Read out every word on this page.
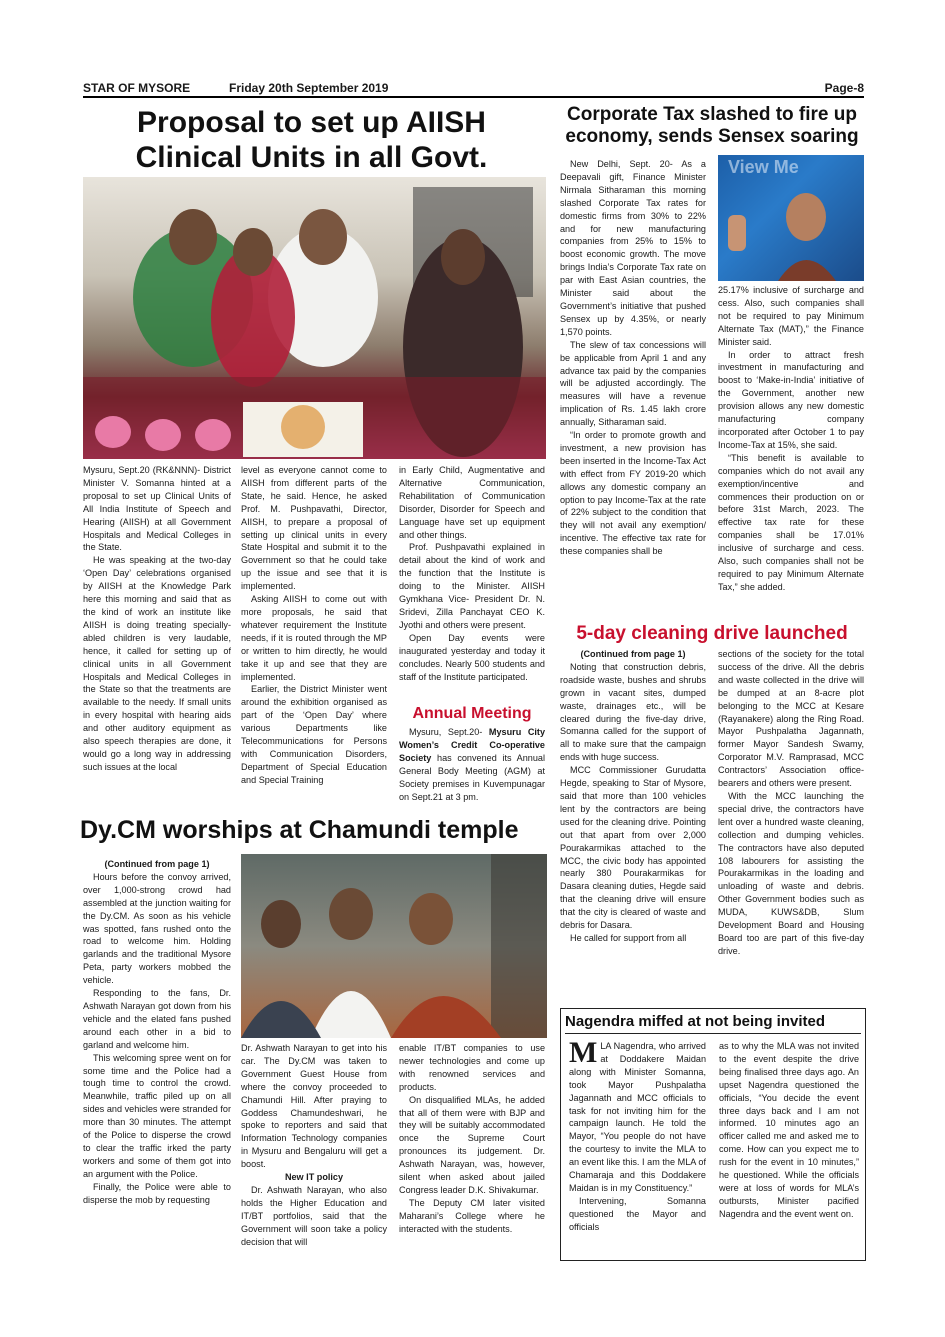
STAR OF MYSORE	Friday 20th September 2019	Page-8
Proposal to set up AIISH Clinical Units in all Govt.

Mysuru, Sept.20 (RK&NNN)- District Minister V. Somanna hinted at a proposal to set up Clinical Units of All India Institute of Speech and Hearing (AIISH) at all Government Hospitals and Medical Colleges in the State.

He was speaking at the two-day ‘Open Day’ celebrations organised by AIISH at the Knowledge Park here this morning and said that as the kind of work an institute like AIISH is doing treating specially-abled children is very laudable, hence, it called for setting up of clinical units in all Government Hospitals and Medical Colleges in the State so that the treatments are available to the needy. If small units in every hospital with hearing aids and other auditory equipment as also speech therapies are done, it would go a long way in addressing such issues at the local

level as everyone cannot come to AIISH from different parts of the State, he said. Hence, he asked Prof. M. Pushpavathi, Director, AIISH, to prepare a proposal of setting up clinical units in every State Hospital and submit it to the Government so that he could take up the issue and see that it is implemented.

Asking AIISH to come out with more proposals, he said that whatever requirement the Institute needs, if it is routed through the MP or written to him directly, he would take it up and see that they are implemented.

Earlier, the District Minister went around the exhibition organised as part of the ‘Open Day’ where various Departments like Telecommunications for Persons with Communication Disorders, Department of Special Education and Special Training

in Early Child, Augmentative and Alternative Communication, Rehabilitation of Communication Disorder, Disorder for Speech and Language have set up equipment and other things.

Prof. Pushpavathi explained in detail about the kind of work and the function that the Institute is doing to the Minister. AIISH Gymkhana Vice- President Dr. N. Sridevi, Zilla Panchayat CEO K. Jyothi and others were present.

Open Day events were inaugurated yesterday and today it concludes. Nearly 500 students and staff of the Institute participated.

Annual Meeting

Mysuru, Sept.20- Mysuru City Women’s Credit Co-operative Society has convened its Annual General Body Meeting (AGM) at Society premises in Kuvempunagar on Sept.21 at 3 pm.

Corporate Tax slashed to fire up economy, sends Sensex soaring
View Me

New Delhi, Sept. 20- As a Deepavali gift, Finance Minister Nirmala Sitharaman this morning slashed Corporate Tax rates for domestic firms from 30% to 22% and for new manufacturing companies from 25% to 15% to boost economic growth. The move brings India’s Corporate Tax rate on par with East Asian countries, the Minister said about the Government’s initiative that pushed Sensex up by 4.35%, or nearly 1,570 points.

The slew of tax concessions will be applicable from April 1 and any advance tax paid by the companies will be adjusted accordingly. The measures will have a revenue implication of Rs. 1.45 lakh crore annually, Sitharaman said.

“In order to promote growth and investment, a new provision has been inserted in the Income-Tax Act with effect from FY 2019-20 which allows any domestic company an option to pay Income-Tax at the rate of 22% subject to the condition that they will not avail any exemption/ incentive. The effective tax rate for these companies shall be

25.17% inclusive of surcharge and cess. Also, such companies shall not be required to pay Minimum Alternate Tax (MAT),” the Finance Minister said.

In order to attract fresh investment in manufacturing and boost to ‘Make-in-India’ initiative of the Government, another new provision allows any new domestic manufacturing company incorporated after October 1 to pay Income-Tax at 15%, she said.

“This benefit is available to companies which do not avail any exemption/incentive and commences their production on or before 31st March, 2023. The effective tax rate for these companies shall be 17.01% inclusive of surcharge and cess. Also, such companies shall not be required to pay Minimum Alternate Tax,” she added.

5-day cleaning drive launched

(Continued from page 1)

Noting that construction debris, roadside waste, bushes and shrubs grown in vacant sites, dumped waste, drainages etc., will be cleared during the five-day drive, Somanna called for the support of all to make sure that the campaign ends with huge success.

MCC Commissioner Gurudatta Hegde, speaking to Star of Mysore, said that more than 100 vehicles lent by the contractors are being used for the cleaning drive. Pointing out that apart from over 2,000 Pourakarmikas attached to the MCC, the civic body has appointed nearly 380 Pourakarmikas for Dasara cleaning duties, Hegde said that the cleaning drive will ensure that the city is cleared of waste and debris for Dasara.

He called for support from all

sections of the society for the total success of the drive. All the debris and waste collected in the drive will be dumped at an 8-acre plot belonging to the MCC at Kesare (Rayanakere) along the Ring Road. Mayor Pushpalatha Jagannath, former Mayor Sandesh Swamy, Corporator M.V. Ramprasad, MCC Contractors’ Association office-bearers and others were present.

With the MCC launching the special drive, the contractors have lent over a hundred waste cleaning, collection and dumping vehicles. The contractors have also deputed 108 labourers for assisting the Pourakarmikas in the loading and unloading of waste and debris. Other Government bodies such as MUDA, KUWS&DB, Slum Development Board and Housing Board too are part of this five-day drive.

Dy.CM worships at Chamundi temple

(Continued from page 1)

Hours before the convoy arrived, over 1,000-strong crowd had assembled at the junction waiting for the Dy.CM. As soon as his vehicle was spotted, fans rushed onto the road to welcome him. Holding garlands and the traditional Mysore Peta, party workers mobbed the vehicle.

Responding to the fans, Dr. Ashwath Narayan got down from his vehicle and the elated fans pushed around each other in a bid to garland and welcome him.

This welcoming spree went on for some time and the Police had a tough time to control the crowd. Meanwhile, traffic piled up on all sides and vehicles were stranded for more than 30 minutes. The attempt of the Police to disperse the crowd to clear the traffic irked the party workers and some of them got into an argument with the Police.

Finally, the Police were able to disperse the mob by requesting

Dr. Ashwath Narayan to get into his car. The Dy.CM was taken to Government Guest House from where the convoy proceeded to Chamundi Hill. After praying to Goddess Chamundeshwari, he spoke to reporters and said that Information Technology companies in Mysuru and Bengaluru will get a boost.

New IT policy

Dr. Ashwath Narayan, who also holds the Higher Education and IT/BT portfolios, said that the Government will soon take a policy decision that will

enable IT/BT companies to use newer technologies and come up with renowned services and products.

On disqualified MLAs, he added that all of them were with BJP and they will be suitably accommodated once the Supreme Court pronounces its judgement. Dr. Ashwath Narayan, was, however, silent when asked about jailed Congress leader D.K. Shivakumar.

The Deputy CM later visited Maharani’s College where he interacted with the students.

Nagendra miffed at not being invited

MLA Nagendra, who arrived at Doddakere Maidan along with Minister Somanna, took Mayor Pushpalatha Jagannath and MCC officials to task for not inviting him for the campaign launch. He told the Mayor, “You people do not have the courtesy to invite the MLA to an event like this. I am the MLA of Chamaraja and this Doddakere Maidan is in my Constituency.”

Intervening, Somanna questioned the Mayor and officials

as to why the MLA was not invited to the event despite the drive being finalised three days ago. An upset Nagendra questioned the officials, “You decide the event three days back and I am not informed. 10 minutes ago an officer called me and asked me to come. How can you expect me to rush for the event in 10 minutes,” he questioned. While the officials were at loss of words for MLA’s outbursts, Minister pacified Nagendra and the event went on.
